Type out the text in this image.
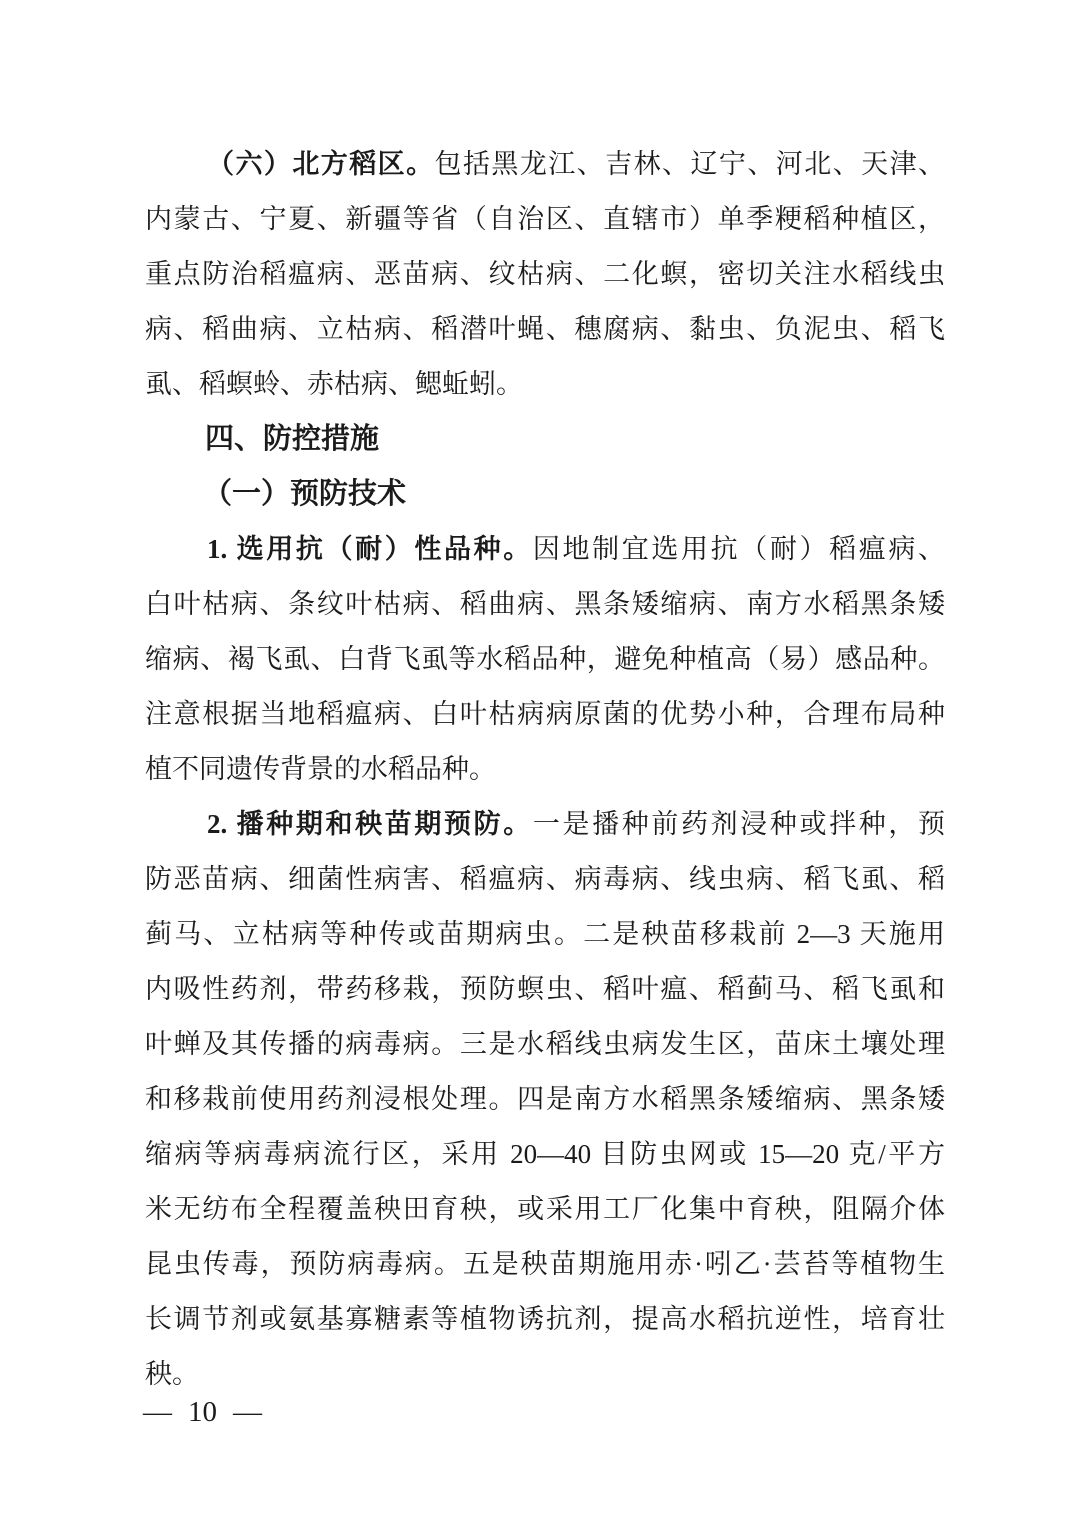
（六）北方稻区。包括黑龙江、吉林、辽宁、河北、天津、
内蒙古、宁夏、新疆等省（自治区、直辖市）单季粳稻种植区，
重点防治稻瘟病、恶苗病、纹枯病、二化螟，密切关注水稻线虫
病、稻曲病、立枯病、稻潜叶蝇、穗腐病、黏虫、负泥虫、稻飞
虱、稻螟蛉、赤枯病、鳃蚯蚓。
四、防控措施
（一）预防技术
1. 选用抗（耐）性品种。因地制宜选用抗（耐）稻瘟病、
白叶枯病、条纹叶枯病、稻曲病、黑条矮缩病、南方水稻黑条矮
缩病、褐飞虱、白背飞虱等水稻品种，避免种植高（易）感品种。
注意根据当地稻瘟病、白叶枯病病原菌的优势小种，合理布局种
植不同遗传背景的水稻品种。
2. 播种期和秧苗期预防。一是播种前药剂浸种或拌种，预
防恶苗病、细菌性病害、稻瘟病、病毒病、线虫病、稻飞虱、稻
蓟马、立枯病等种传或苗期病虫。二是秧苗移栽前 2—3 天施用
内吸性药剂，带药移栽，预防螟虫、稻叶瘟、稻蓟马、稻飞虱和
叶蝉及其传播的病毒病。三是水稻线虫病发生区，苗床土壤处理
和移栽前使用药剂浸根处理。四是南方水稻黑条矮缩病、黑条矮
缩病等病毒病流行区，采用 20—40 目防虫网或 15—20 克/平方
米无纺布全程覆盖秧田育秧，或采用工厂化集中育秧，阻隔介体
昆虫传毒，预防病毒病。五是秧苗期施用赤·吲乙·芸苔等植物生
长调节剂或氨基寡糖素等植物诱抗剂，提高水稻抗逆性，培育壮
秧。
— 10 —
